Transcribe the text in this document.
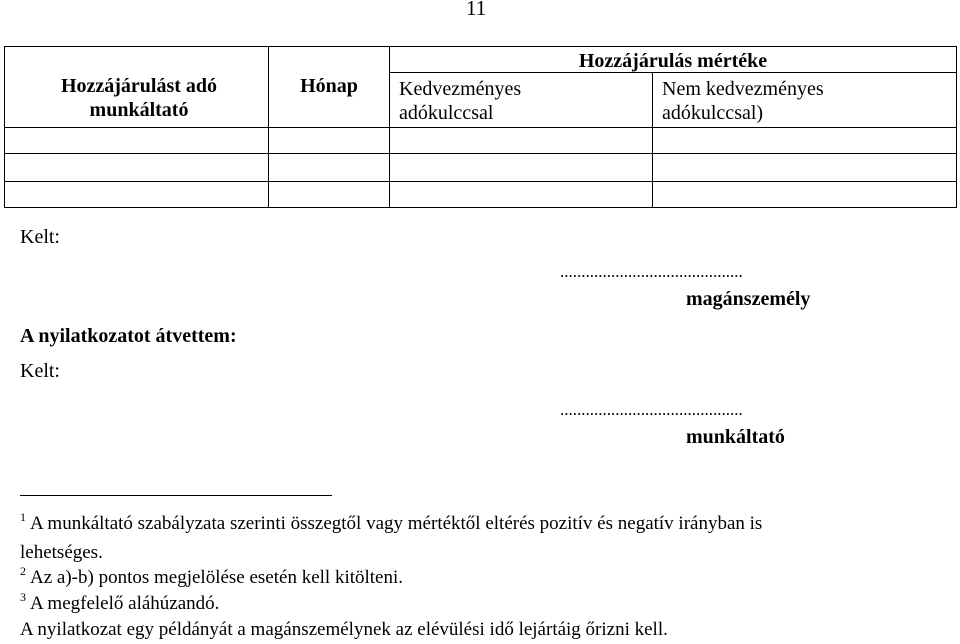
11
Hozzájárulást adó munkáltató
Hónap
Hozzájárulás mértéke
Kedvezményes adókulccsal
Nem kedvezményes adókulccsal)
Kelt:
...........................................
magánszemély
A nyilatkozatot átvettem:
Kelt:
...........................................
munkáltató
$^1$ A munkáltató szabályzata szerinti összegtől vagy mértéktől eltérés pozitív és negatív irányban is
lehetséges.
$^2$ Az a)-b) pontos megjelölése esetén kell kitölteni.
$^3$ A megfelelő aláhúzandó.
A nyilatkozat egy példányát a magánszemélynek az elévülési idő lejártáig őrizni kell.
